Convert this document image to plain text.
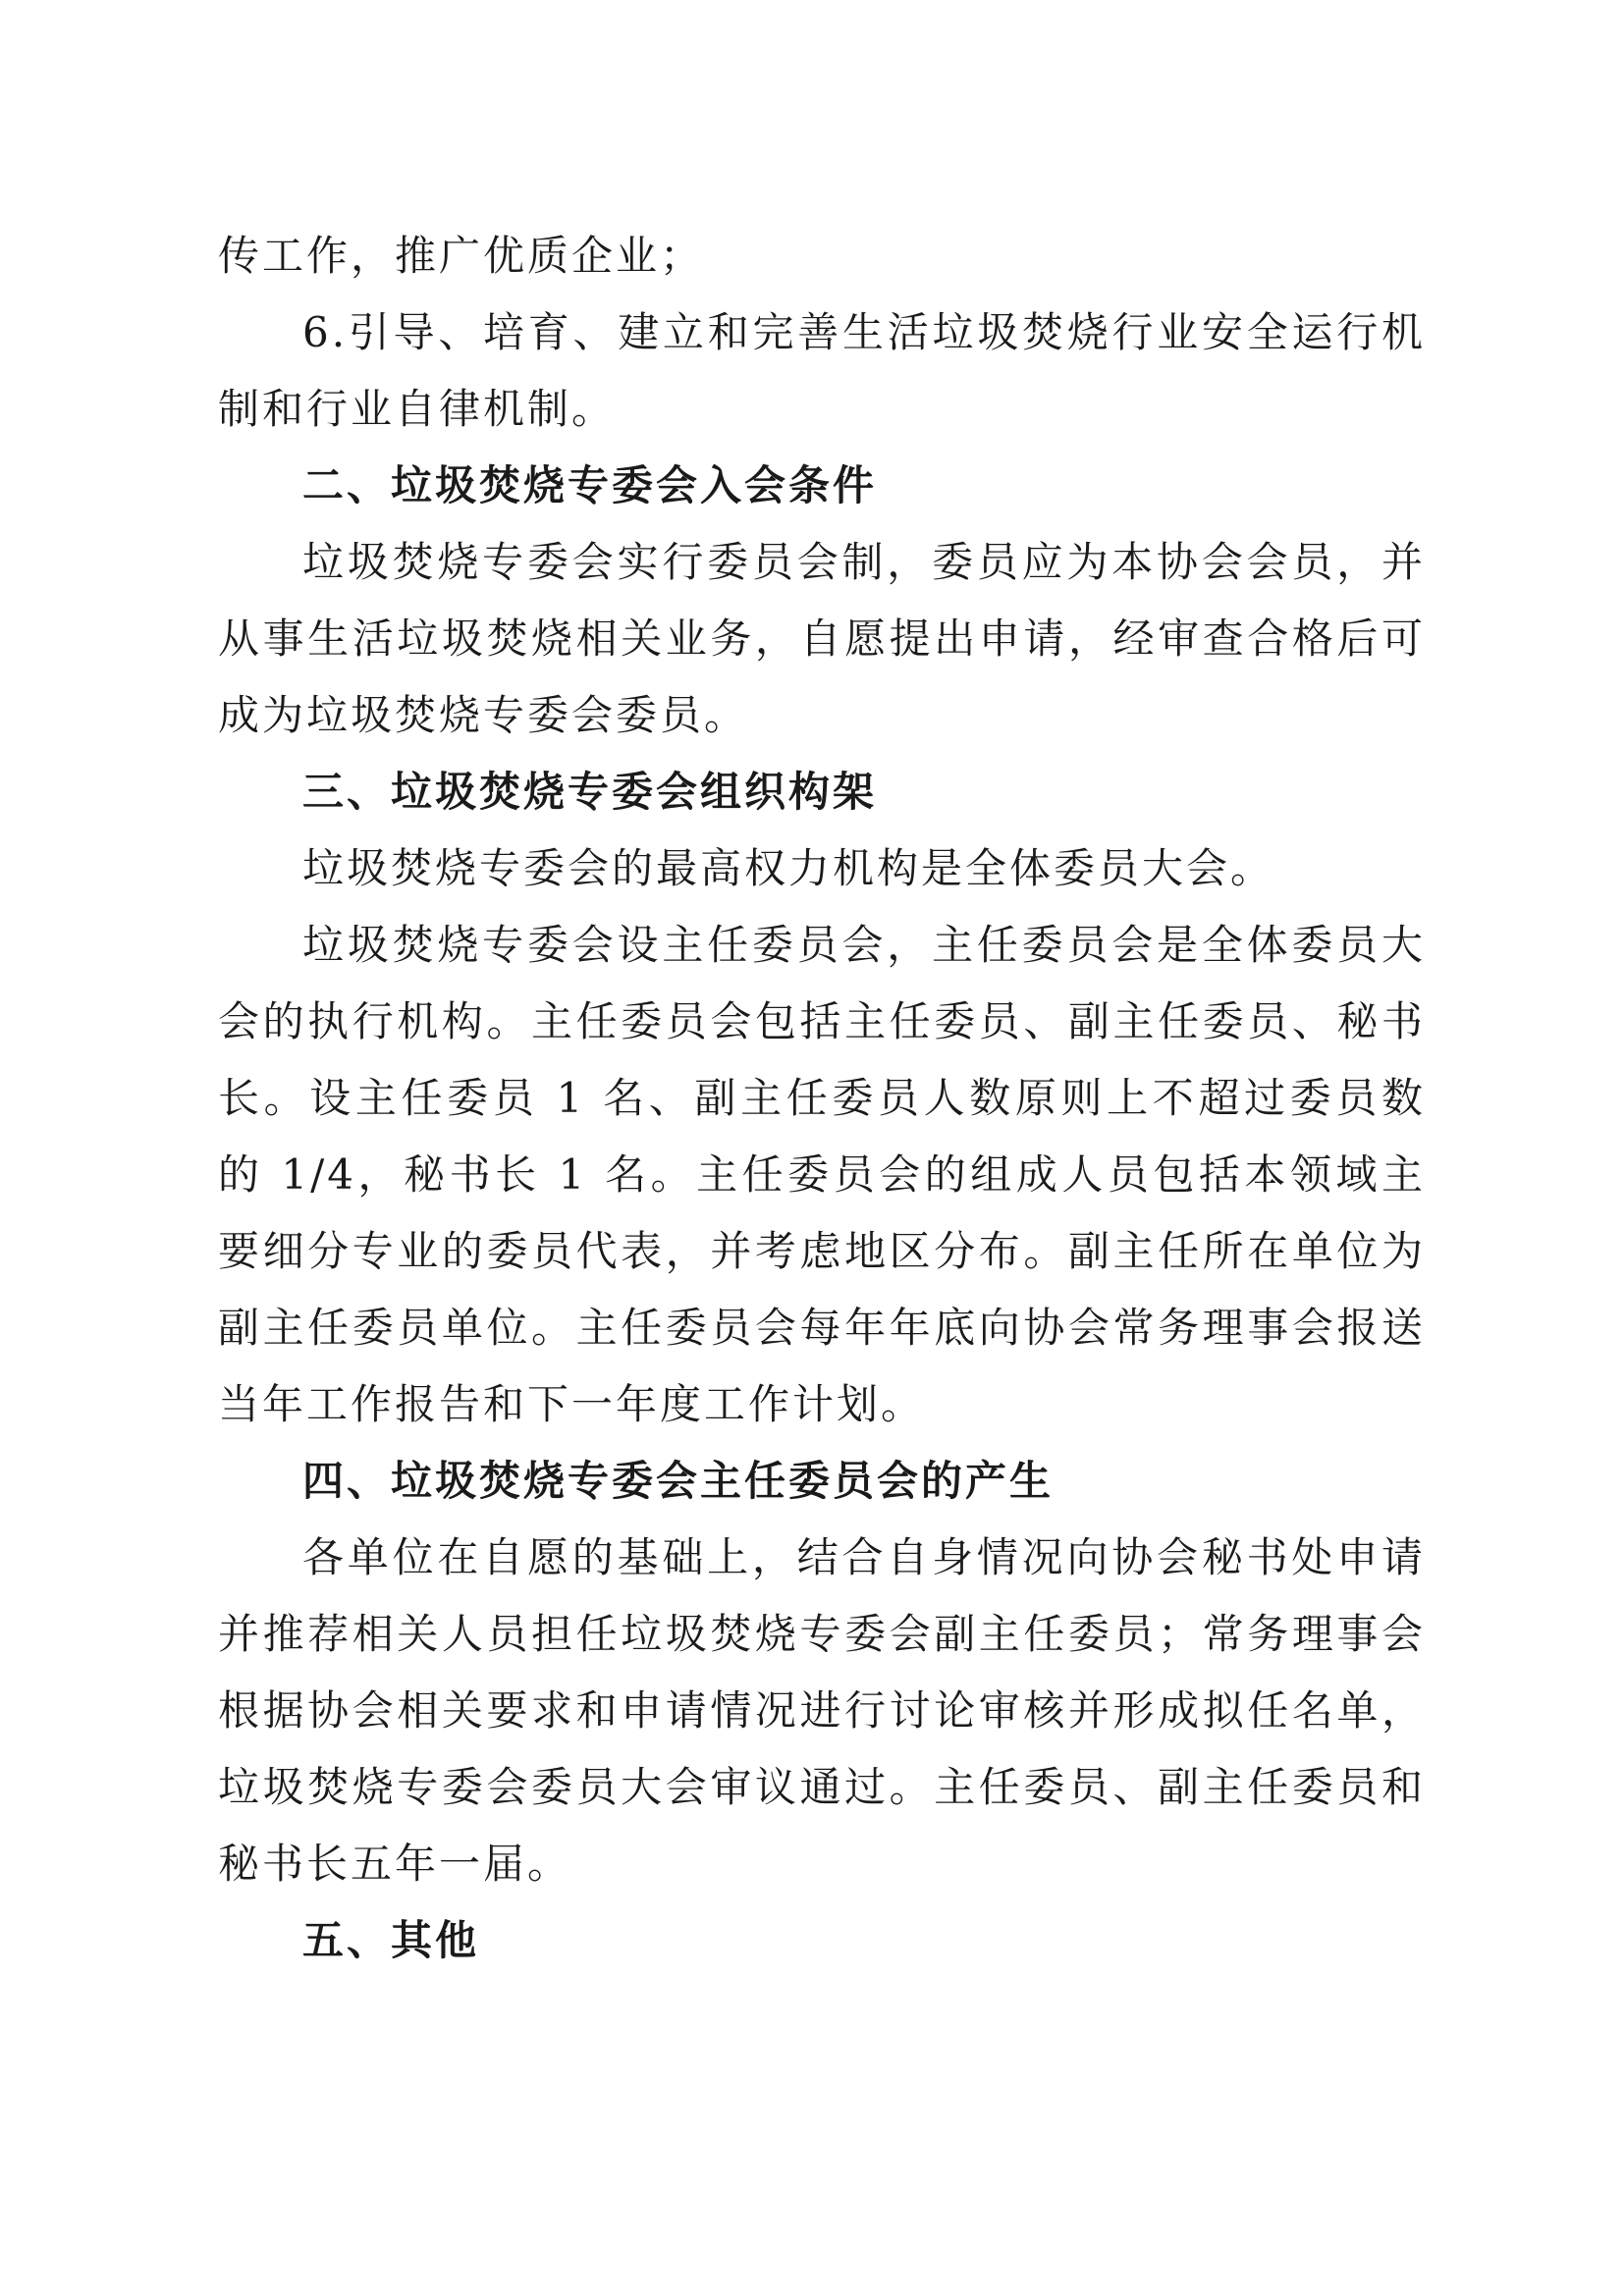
传工作，推广优质企业；

6.引导、培育、建立和完善生活垃圾焚烧行业安全运行机制和行业自律机制。

二、垃圾焚烧专委会入会条件

垃圾焚烧专委会实行委员会制，委员应为本协会会员，并从事生活垃圾焚烧相关业务，自愿提出申请，经审查合格后可成为垃圾焚烧专委会委员。

三、垃圾焚烧专委会组织构架

垃圾焚烧专委会的最高权力机构是全体委员大会。

垃圾焚烧专委会设主任委员会，主任委员会是全体委员大会的执行机构。主任委员会包括主任委员、副主任委员、秘书长。设主任委员 1 名、副主任委员人数原则上不超过委员数的 1/4，秘书长 1 名。主任委员会的组成人员包括本领域主要细分专业的委员代表，并考虑地区分布。副主任所在单位为副主任委员单位。主任委员会每年年底向协会常务理事会报送当年工作报告和下一年度工作计划。

四、垃圾焚烧专委会主任委员会的产生

各单位在自愿的基础上，结合自身情况向协会秘书处申请并推荐相关人员担任垃圾焚烧专委会副主任委员；常务理事会根据协会相关要求和申请情况进行讨论审核并形成拟任名单，垃圾焚烧专委会委员大会审议通过。主任委员、副主任委员和秘书长五年一届。

五、其他
